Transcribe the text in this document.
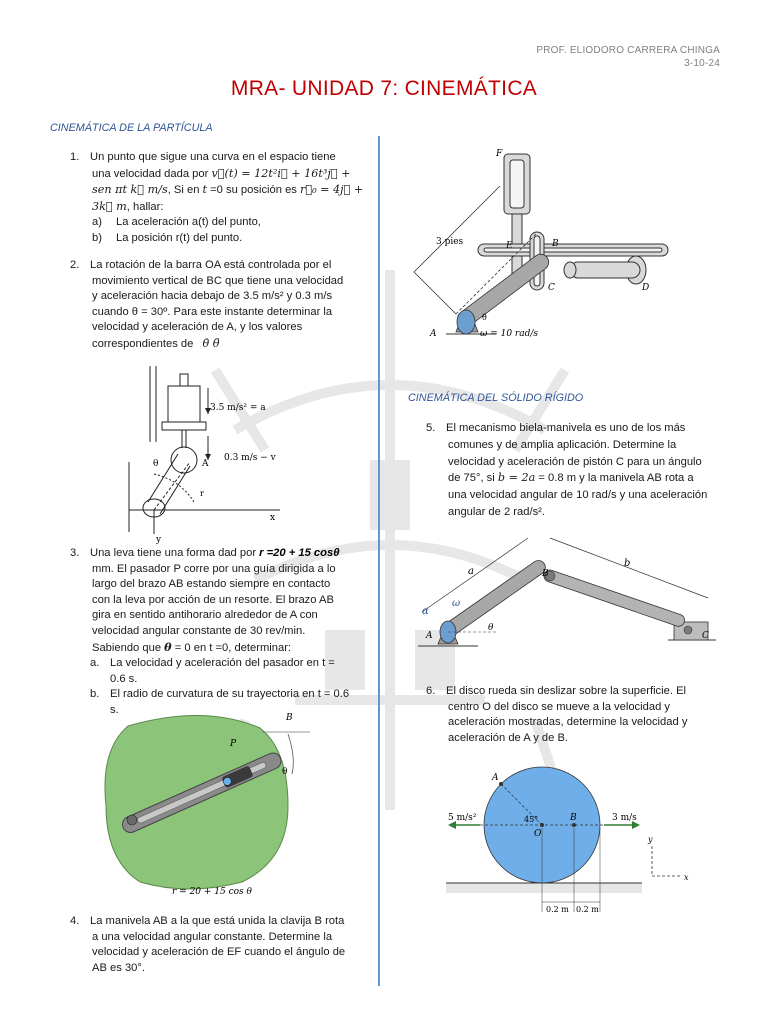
PROF. ELIODORO CARRERA CHINGA
3-10-24
MRA- UNIDAD 7: CINEMÁTICA
CINEMÁTICA DE LA PARTÍCULA

1. Un punto que sigue una curva en el espacio tiene

una velocidad dada por v⃗(t) = 12t²i⃗ + 16t³j⃗ +

sen πt k⃗ m/s, Si en t =0 su posición es r⃗₀ = 4j⃗ +

3k⃗ m, hallar:

a) La aceleración a(t) del punto,

b) La posición r(t) del punto.

2. La rotación de la barra OA está controlada por el

movimiento vertical de BC que tiene una velocidad

y aceleración hacia debajo de 3.5 m/s² y 0.3 m/s

cuando θ = 30º. Para este instante determinar la

velocidad y aceleración de A, y los valores

correspondientes de θ̇ θ̈

3.5 m/s² = a
0.3 m/s − v
θ	A
r
x
y

3. Una leva tiene una forma dad por r =20 + 15 cosθ

mm. El pasador P corre por una guía dirigida a lo

largo del brazo AB estando siempre en contacto

con la leva por acción de un resorte. El brazo AB

gira en sentido antihorario alrededor de A con

velocidad angular constante de 30 rev/min.

Sabiendo que θ = 0 en t =0, determinar:

a. La velocidad y aceleración del pasador en t =

0.6 s.

b. El radio de curvatura de su trayectoria en t = 0.6

s.

B
P
θ
r = 20 + 15 cos θ

4. La manivela AB a la que está unida la clavija B rota

a una velocidad angular constante. Determine la

velocidad y aceleración de EF cuando el ángulo de

AB es 30°.

F
E	B
C	D
A
3 pies
θ
ω = 10 rad/s
CINEMÁTICA DEL SÓLIDO RÍGIDO

5. El mecanismo biela-manivela es uno de los más

comunes y de amplia aplicación. Determine la

velocidad y aceleración de pistón C para un ángulo

de 75°, si b = 2a = 0.8 m y la manivela AB rota a

una velocidad angular de 10 rad/s y una aceleración

angular de 2 rad/s².

a
b
B
A	C
α
ω
θ

6. El disco rueda sin deslizar sobre la superficie. El

centro O del disco se mueve a la velocidad y

aceleración mostradas, determine la velocidad y

aceleración de A y de B.

A
45°
O
B
5 m/s²	3 m/s
0.2 m 0.2 m
y
x
